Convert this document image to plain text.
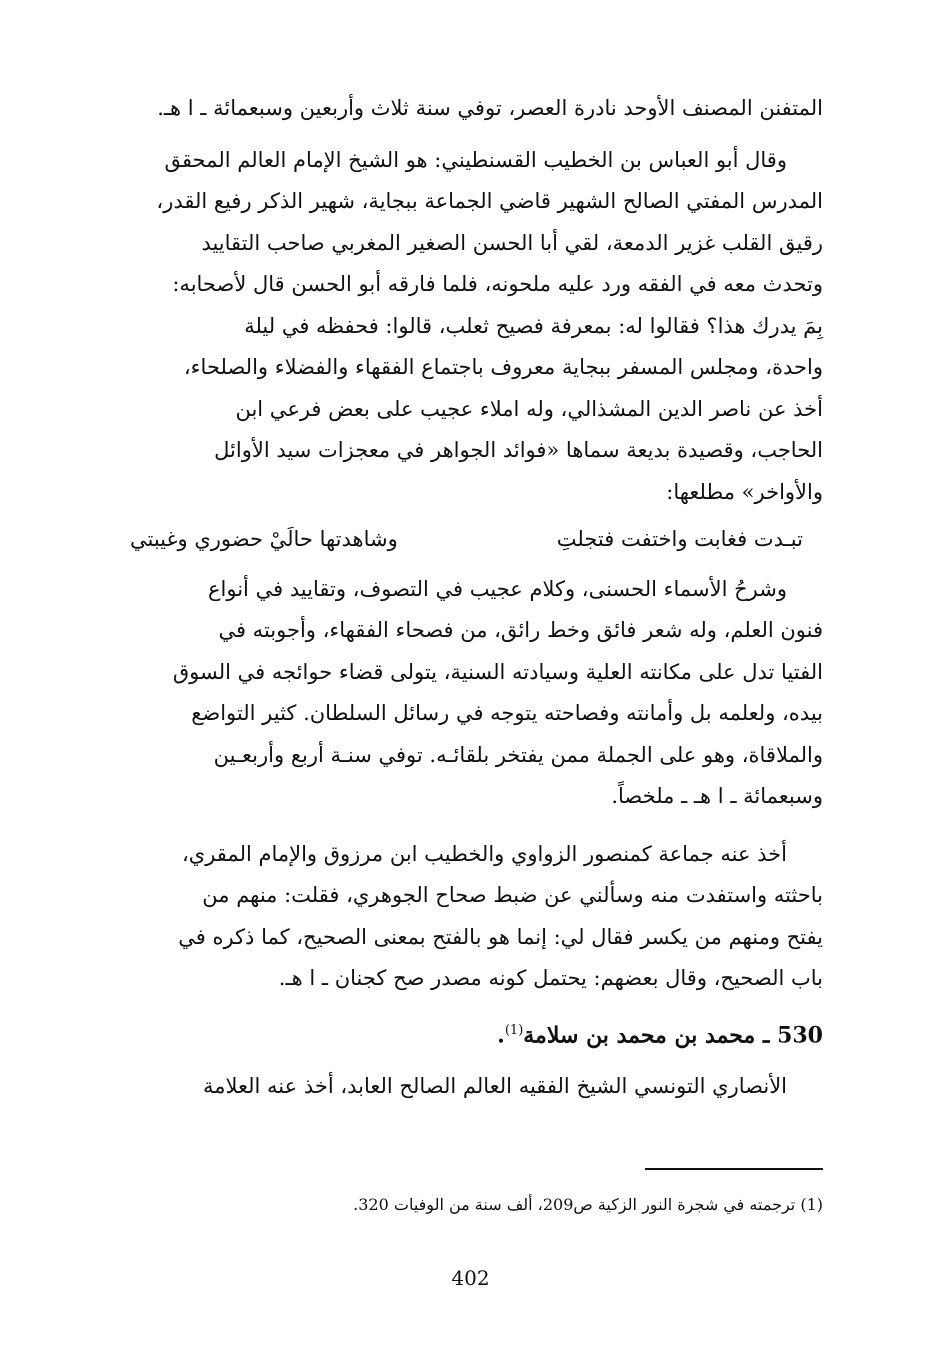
المتفنن المصنف الأوحد نادرة العصر، توفي سنة ثلاث وأربعين وسبعمائة ـ ا هـ.

وقال أبو العباس بن الخطيب القسنطيني: هو الشيخ الإمام العالم المحقق

المدرس المفتي الصالح الشهير قاضي الجماعة ببجاية، شهير الذكر رفيع القدر،

رقيق القلب غزير الدمعة، لقي أبا الحسن الصغير المغربي صاحب التقاييد

وتحدث معه في الفقه ورد عليه ملحونه، فلما فارقه أبو الحسن قال لأصحابه:

بِمَ يدرك هذا؟ فقالوا له: بمعرفة فصيح ثعلب، قالوا: فحفظه في ليلة

واحدة، ومجلس المسفر ببجاية معروف باجتماع الفقهاء والفضلاء والصلحاء،

أخذ عن ناصر الدين المشذالي، وله املاء عجيب على بعض فرعي ابن

الحاجب، وقصيدة بديعة سماها «فوائد الجواهر في معجزات سيد الأوائل

والأواخر» مطلعها:

تبـدت فغابت واختفت فتجلتِ
وشاهدتها حالَيْ حضوري وغيبتي

وشرحُ الأسماء الحسنى، وكلام عجيب في التصوف، وتقاييد في أنواع

فنون العلم، وله شعر فائق وخط رائق، من فصحاء الفقهاء، وأجوبته في

الفتيا تدل على مكانته العلية وسيادته السنية، يتولى قضاء حوائجه في السوق

بيده، ولعلمه بل وأمانته وفصاحته يتوجه في رسائل السلطان. كثير التواضع

والملاقاة، وهو على الجملة ممن يفتخر بلقائـه. توفي سنـة أربع وأربعـين

وسبعمائة ـ ا هـ ـ ملخصاً.

أخذ عنه جماعة كمنصور الزواوي والخطيب ابن مرزوق والإمام المقري،

باحثته واستفدت منه وسألني عن ضبط صحاح الجوهري، فقلت: منهم من

يفتح ومنهم من يكسر فقال لي: إنما هو بالفتح بمعنى الصحيح، كما ذكره في

باب الصحيح، وقال بعضهم: يحتمل كونه مصدر صح كجنان ـ ا هـ.

530 ـ محمد بن محمد بن سلامة$^{(1)}$.

الأنصاري التونسي الشيخ الفقيه العالم الصالح العابد، أخذ عنه العلامة

(1) ترجمته في شجرة النور الزكية ص209، ألف سنة من الوفيات 320.

402
